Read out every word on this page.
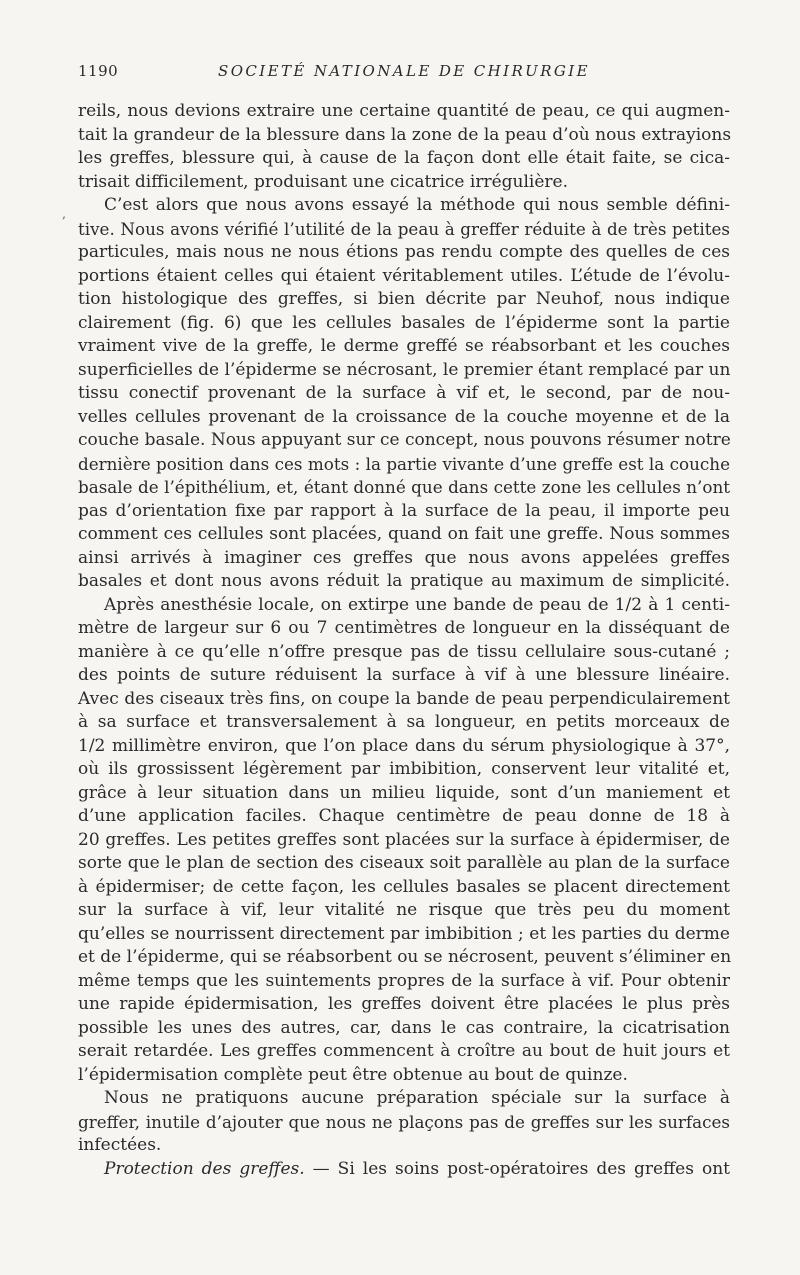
1190	SOCIETÉ NATIONALE DE CHIRURGIE
‚
reils, nous devions extraire une certaine quantité de peau, ce qui augmen-
tait la grandeur de la blessure dans la zone de la peau d’où nous extrayions
les greffes, blessure qui, à cause de la façon dont elle était faite, se cica-
trisait difficilement, produisant une cicatrice irrégulière.
C’est alors que nous avons essayé la méthode qui nous semble défini-
tive. Nous avons vérifié l’utilité de la peau à greffer réduite à de très petites
particules, mais nous ne nous étions pas rendu compte des quelles de ces
portions étaient celles qui étaient véritablement utiles. L’étude de l’évolu-
tion histologique des greffes, si bien décrite par Neuhof, nous indique
clairement (fig. 6) que les cellules basales de l’épiderme sont la partie
vraiment vive de la greffe, le derme greffé se réabsorbant et les couches
superficielles de l’épiderme se nécrosant, le premier étant remplacé par un
tissu conectif provenant de la surface à vif et, le second, par de nou-
velles cellules provenant de la croissance de la couche moyenne et de la
couche basale. Nous appuyant sur ce concept, nous pouvons résumer notre
dernière position dans ces mots : la partie vivante d’une greffe est la couche
basale de l’épithélium, et, étant donné que dans cette zone les cellules n’ont
pas d’orientation fixe par rapport à la surface de la peau, il importe peu
comment ces cellules sont placées, quand on fait une greffe. Nous sommes
ainsi arrivés à imaginer ces greffes que nous avons appelées greffes
basales et dont nous avons réduit la pratique au maximum de simplicité.
Après anesthésie locale, on extirpe une bande de peau de 1/2 à 1 centi-
mètre de largeur sur 6 ou 7 centimètres de longueur en la disséquant de
manière à ce qu’elle n’offre presque pas de tissu cellulaire sous-cutané ;
des points de suture réduisent la surface à vif à une blessure linéaire.
Avec des ciseaux très fins, on coupe la bande de peau perpendiculairement
à sa surface et transversalement à sa longueur, en petits morceaux de
1/2 millimètre environ, que l’on place dans du sérum physiologique à 37°,
où ils grossissent légèrement par imbibition, conservent leur vitalité et,
grâce à leur situation dans un milieu liquide, sont d’un maniement et
d’une application faciles. Chaque centimètre de peau donne de 18 à
20 greffes. Les petites greffes sont placées sur la surface à épidermiser, de
sorte que le plan de section des ciseaux soit parallèle au plan de la surface
à épidermiser; de cette façon, les cellules basales se placent directement
sur la surface à vif, leur vitalité ne risque que très peu du moment
qu’elles se nourrissent directement par imbibition ; et les parties du derme
et de l’épiderme, qui se réabsorbent ou se nécrosent, peuvent s’éliminer en
même temps que les suintements propres de la surface à vif. Pour obtenir
une rapide épidermisation, les greffes doivent être placées le plus près
possible les unes des autres, car, dans le cas contraire, la cicatrisation
serait retardée. Les greffes commencent à croître au bout de huit jours et
l’épidermisation complète peut être obtenue au bout de quinze.
Nous ne pratiquons aucune préparation spéciale sur la surface à
greffer, inutile d’ajouter que nous ne plaçons pas de greffes sur les surfaces
infectées.
Protection des greffes. — Si les soins post-opératoires des greffes ont
